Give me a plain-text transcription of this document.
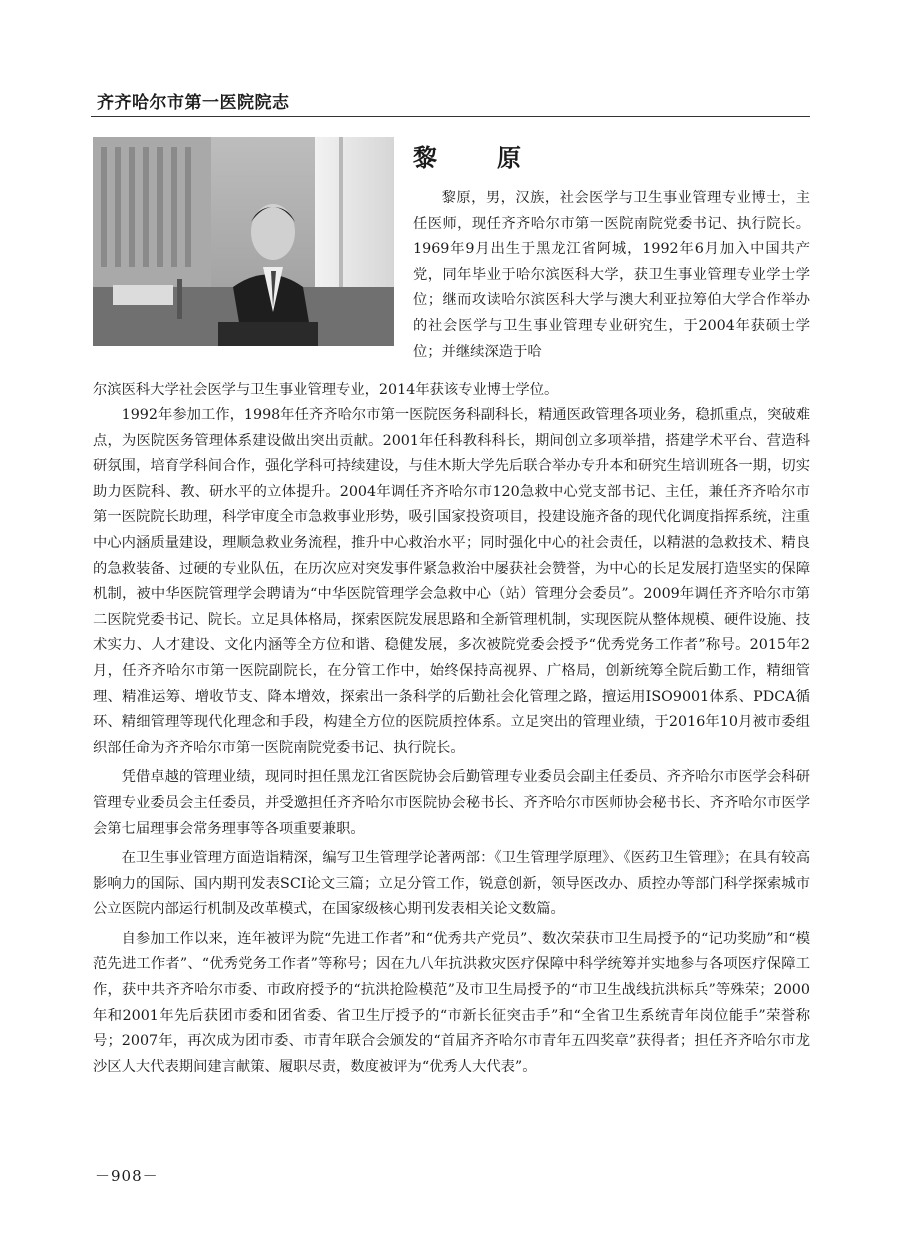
齐齐哈尔市第一医院院志
黎　原

黎原，男，汉族，社会医学与卫生事业管理专业博士，主任医师，现任齐齐哈尔市第一医院南院党委书记、执行院长。1969年9月出生于黑龙江省阿城，1992年6月加入中国共产党，同年毕业于哈尔滨医科大学，获卫生事业管理专业学士学位；继而攻读哈尔滨医科大学与澳大利亚拉筹伯大学合作举办的社会医学与卫生事业管理专业研究生，于2004年获硕士学位；并继续深造于哈

尔滨医科大学社会医学与卫生事业管理专业，2014年获该专业博士学位。

1992年参加工作，1998年任齐齐哈尔市第一医院医务科副科长，精通医政管理各项业务，稳抓重点，突破难点，为医院医务管理体系建设做出突出贡献。2001年任科教科科长，期间创立多项举措，搭建学术平台、营造科研氛围，培育学科间合作，强化学科可持续建设，与佳木斯大学先后联合举办专升本和研究生培训班各一期，切实助力医院科、教、研水平的立体提升。2004年调任齐齐哈尔市120急救中心党支部书记、主任，兼任齐齐哈尔市第一医院院长助理，科学审度全市急救事业形势，吸引国家投资项目，投建设施齐备的现代化调度指挥系统，注重中心内涵质量建设，理顺急救业务流程，推升中心救治水平；同时强化中心的社会责任，以精湛的急救技术、精良的急救装备、过硬的专业队伍，在历次应对突发事件紧急救治中屡获社会赞誉，为中心的长足发展打造坚实的保障机制，被中华医院管理学会聘请为“中华医院管理学会急救中心（站）管理分会委员”。2009年调任齐齐哈尔市第二医院党委书记、院长。立足具体格局，探索医院发展思路和全新管理机制，实现医院从整体规模、硬件设施、技术实力、人才建设、文化内涵等全方位和谐、稳健发展，多次被院党委会授予“优秀党务工作者”称号。2015年2月，任齐齐哈尔市第一医院副院长，在分管工作中，始终保持高视界、广格局，创新统筹全院后勤工作，精细管理、精准运筹、增收节支、降本增效，探索出一条科学的后勤社会化管理之路，擅运用ISO9001体系、PDCA循环、精细管理等现代化理念和手段，构建全方位的医院质控体系。立足突出的管理业绩，于2016年10月被市委组织部任命为齐齐哈尔市第一医院南院党委书记、执行院长。

凭借卓越的管理业绩，现同时担任黑龙江省医院协会后勤管理专业委员会副主任委员、齐齐哈尔市医学会科研管理专业委员会主任委员，并受邀担任齐齐哈尔市医院协会秘书长、齐齐哈尔市医师协会秘书长、齐齐哈尔市医学会第七届理事会常务理事等各项重要兼职。

在卫生事业管理方面造诣精深，编写卫生管理学论著两部：《卫生管理学原理》、《医药卫生管理》；在具有较高影响力的国际、国内期刊发表SCI论文三篇；立足分管工作，锐意创新，领导医改办、质控办等部门科学探索城市公立医院内部运行机制及改革模式，在国家级核心期刊发表相关论文数篇。

自参加工作以来，连年被评为院“先进工作者”和“优秀共产党员”、数次荣获市卫生局授予的“记功奖励”和“模范先进工作者”、“优秀党务工作者”等称号；因在九八年抗洪救灾医疗保障中科学统筹并实地参与各项医疗保障工作，获中共齐齐哈尔市委、市政府授予的“抗洪抢险模范”及市卫生局授予的“市卫生战线抗洪标兵”等殊荣；2000年和2001年先后获团市委和团省委、省卫生厅授予的“市新长征突击手”和“全省卫生系统青年岗位能手”荣誉称号；2007年，再次成为团市委、市青年联合会颁发的“首届齐齐哈尔市青年五四奖章”获得者；担任齐齐哈尔市龙沙区人大代表期间建言献策、履职尽责，数度被评为“优秀人大代表”。

－908－
